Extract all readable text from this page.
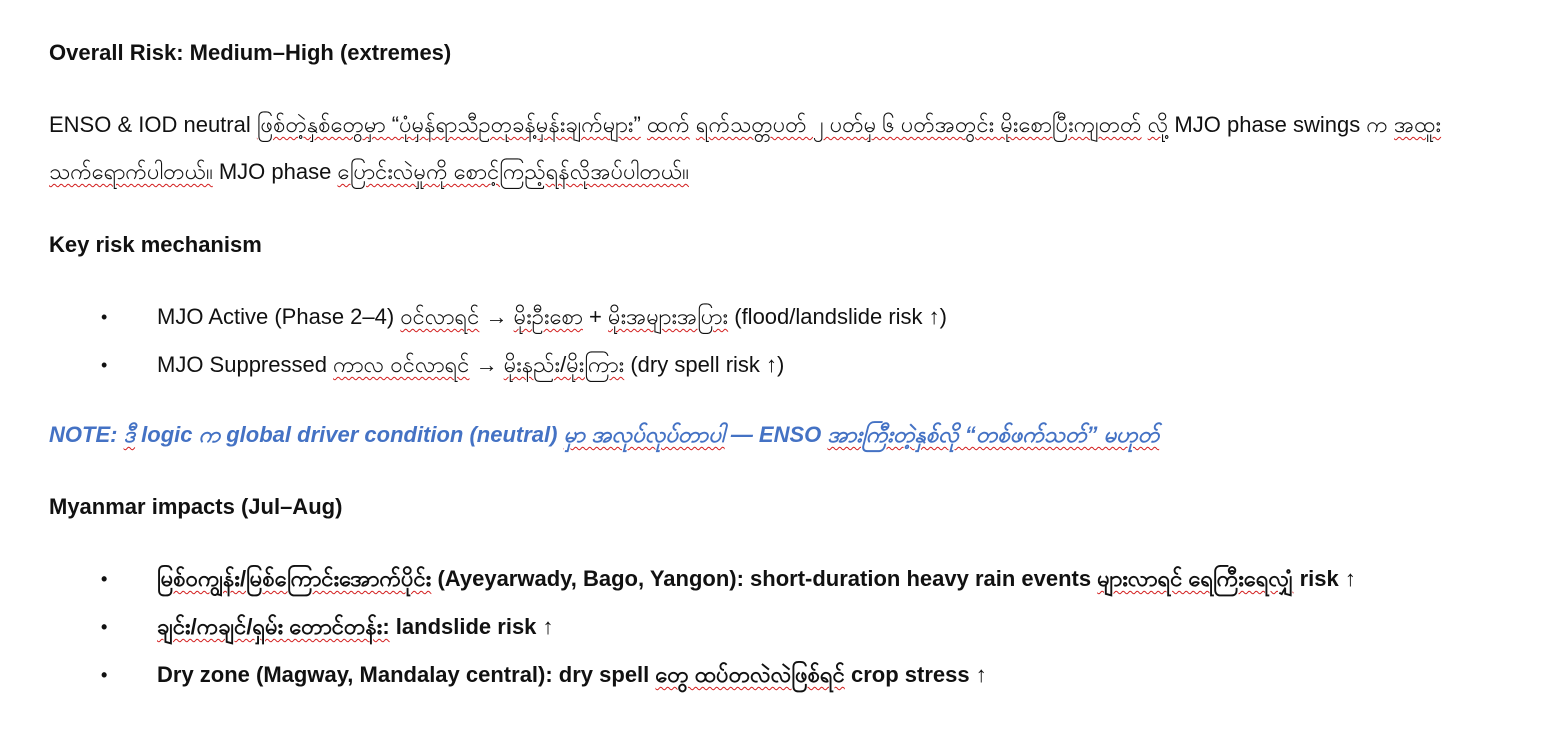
Overall Risk: Medium–High (extremes)
ENSO & IOD neutral ဖြစ်တဲ့နှစ်တွေမှာ “ပုံမှန်ရာသီဥတုခန့်မှန်းချက်များ” ထက် ရက်သတ္တပတ် ၂ ပတ်မှ ၆ ပတ်အတွင်း မိုးစောပြီးကျတတ် လို့ MJO phase swings က အထူးသက်ရောက်ပါတယ်။ MJO phase ပြောင်းလဲမှုကို စောင့်ကြည့်ရန်လိုအပ်ပါတယ်။
Key risk mechanism
• MJO Active (Phase 2–4) ဝင်လာရင် → မိုးဦးစော + မိုးအများအပြား (flood/landslide risk ↑)
• MJO Suppressed ကာလ ဝင်လာရင် → မိုးနည်း/မိုးကြား (dry spell risk ↑)
NOTE: ဒီ logic က global driver condition (neutral) မှာ အလုပ်လုပ်တာပါ — ENSO အားကြီးတဲ့နှစ်လို “တစ်ဖက်သတ်” မဟုတ်
Myanmar impacts (Jul–Aug)
• မြစ်ဝကျွန်း/မြစ်ကြောင်းအောက်ပိုင်း (Ayeyarwady, Bago, Yangon): short-duration heavy rain events များလာရင် ရေကြီးရေလျှံ risk ↑
• ချင်း/ကချင်/ရှမ်း တောင်တန်း: landslide risk ↑
• Dry zone (Magway, Mandalay central): dry spell တွေ ထပ်တလဲလဲဖြစ်ရင် crop stress ↑
